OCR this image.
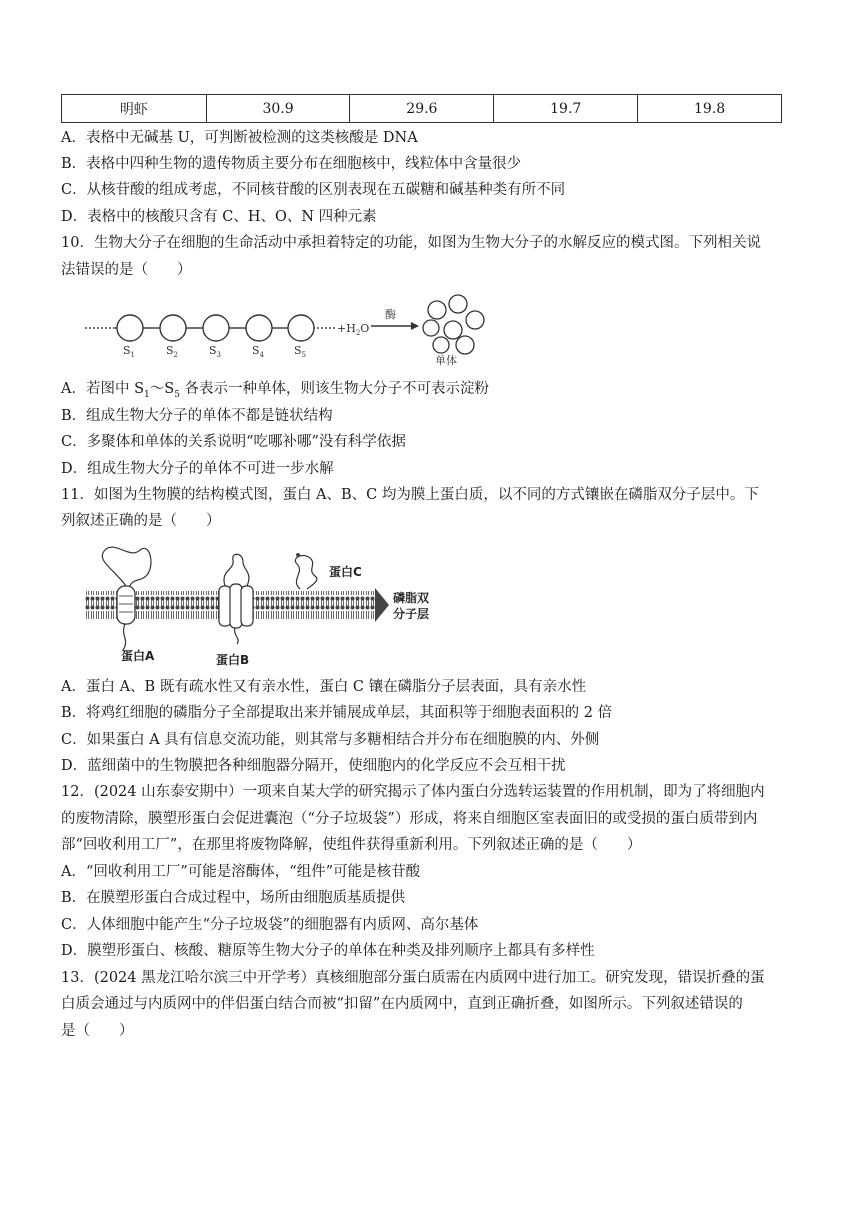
明虾	30.9	29.6	19.7	19.8
A．表格中无碱基 U，可判断被检测的这类核酸是 DNA
B．表格中四种生物的遗传物质主要分布在细胞核中，线粒体中含量很少
C．从核苷酸的组成考虑，不同核苷酸的区别表现在五碳糖和碱基种类有所不同
D．表格中的核酸只含有 C、H、O、N 四种元素
10．生物大分子在细胞的生命活动中承担着特定的功能，如图为生物大分子的水解反应的模式图。下列相关说
法错误的是（　　）
$S_1$	$S_2$	$S_3$	$S_4$	$S_5$
$+H_2O$
酶
单体
A．若图中 $S_1\sim S_5$ 各表示一种单体，则该生物大分子不可表示淀粉
B．组成生物大分子的单体不都是链状结构
C．多聚体和单体的关系说明“吃哪补哪”没有科学依据
D．组成生物大分子的单体不可进一步水解
11．如图为生物膜的结构模式图，蛋白 A、B、C 均为膜上蛋白质，以不同的方式镶嵌在磷脂双分子层中。下
列叙述正确的是（　　）
蛋白A	蛋白B
蛋白C
磷脂双
分子层
A．蛋白 A、B 既有疏水性又有亲水性，蛋白 C 镶在磷脂分子层表面，具有亲水性
B．将鸡红细胞的磷脂分子全部提取出来并铺展成单层，其面积等于细胞表面积的 2 倍
C．如果蛋白 A 具有信息交流功能，则其常与多糖相结合并分布在细胞膜的内、外侧
D．蓝细菌中的生物膜把各种细胞器分隔开，使细胞内的化学反应不会互相干扰
12．(2024 山东泰安期中）一项来自某大学的研究揭示了体内蛋白分选转运装置的作用机制，即为了将细胞内
的废物清除，膜塑形蛋白会促进囊泡（“分子垃圾袋”）形成，将来自细胞区室表面旧的或受损的蛋白质带到内
部“回收利用工厂”，在那里将废物降解，使组件获得重新利用。下列叙述正确的是（　　）
A．“回收利用工厂”可能是溶酶体，“组件”可能是核苷酸
B．在膜塑形蛋白合成过程中，场所由细胞质基质提供
C．人体细胞中能产生“分子垃圾袋”的细胞器有内质网、高尔基体
D．膜塑形蛋白、核酸、糖原等生物大分子的单体在种类及排列顺序上都具有多样性
13．(2024 黑龙江哈尔滨三中开学考）真核细胞部分蛋白质需在内质网中进行加工。研究发现，错误折叠的蛋
白质会通过与内质网中的伴侣蛋白结合而被“扣留”在内质网中，直到正确折叠，如图所示。下列叙述错误的
是（　　）
